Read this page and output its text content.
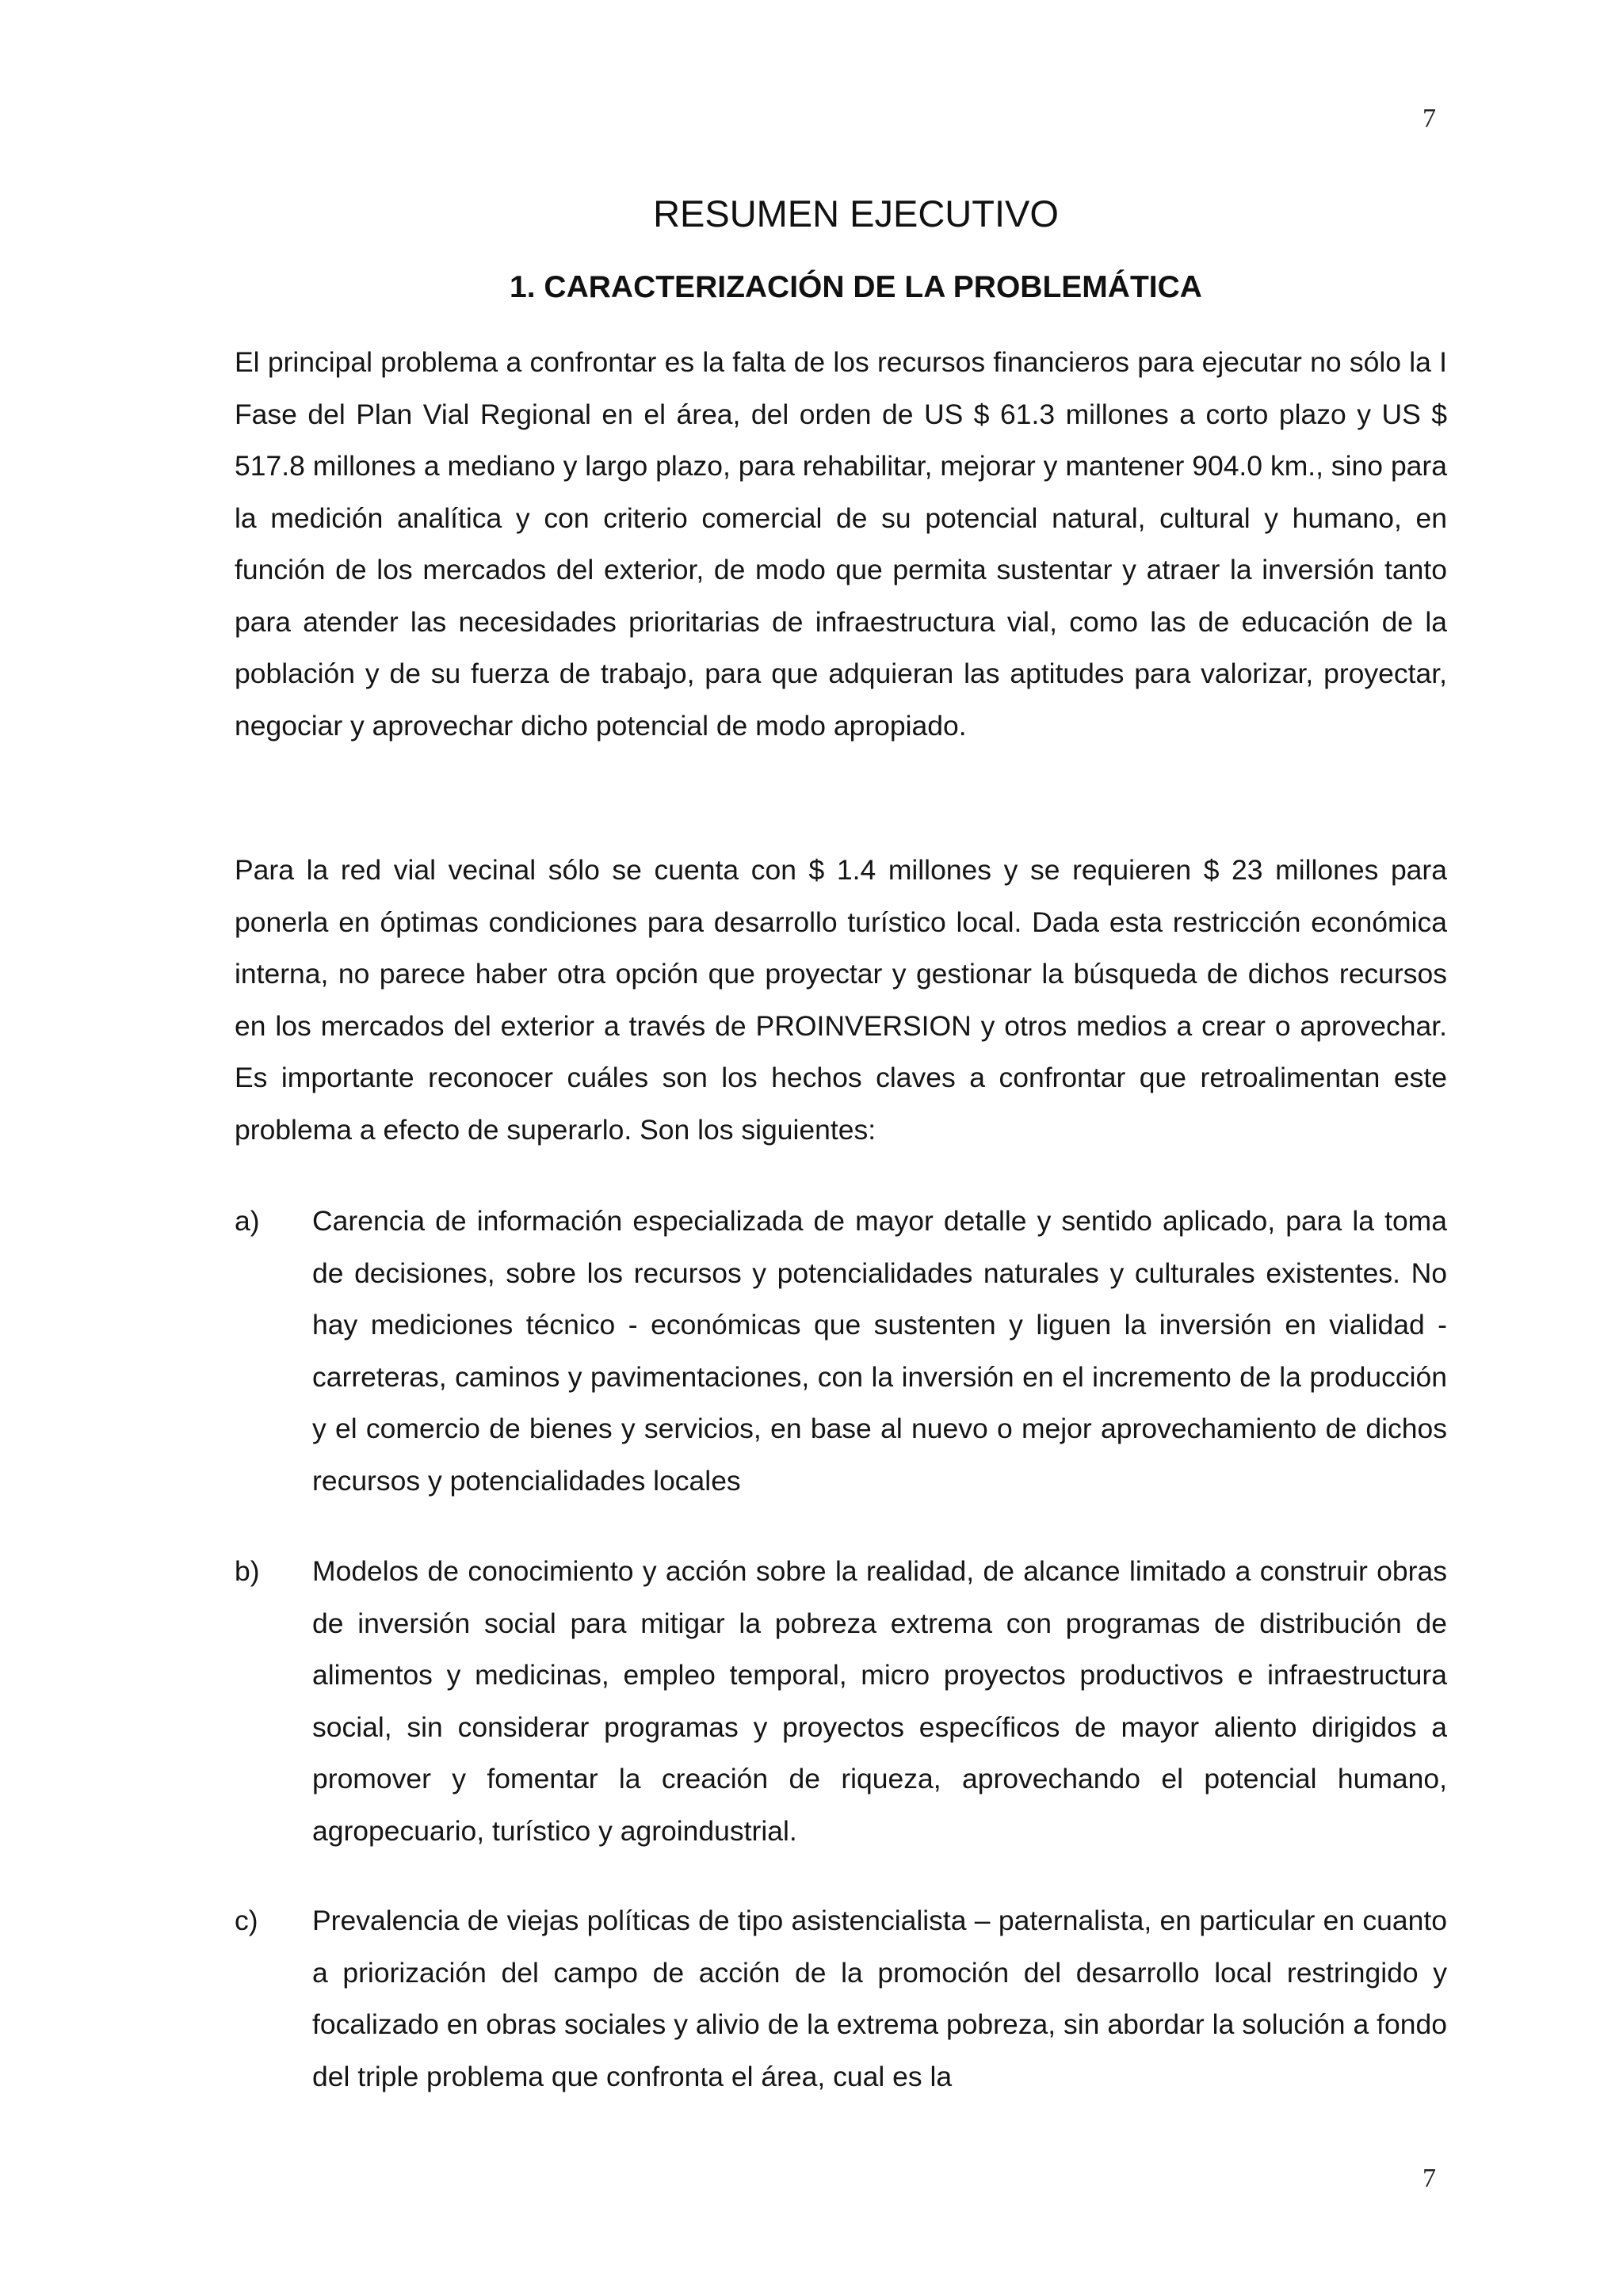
7
RESUMEN EJECUTIVO
1. CARACTERIZACIÓN DE LA PROBLEMÁTICA

El principal problema a confrontar es la falta de los recursos financieros para ejecutar no sólo la I Fase del Plan Vial Regional en el área, del orden de US $ 61.3 millones a corto plazo y US $ 517.8 millones a mediano y largo plazo, para rehabilitar, mejorar y mantener 904.0 km., sino para la medición analítica y con criterio comercial de su potencial natural, cultural y humano, en función de los mercados del exterior, de modo que permita sustentar y atraer la inversión tanto para atender las necesidades prioritarias de infraestructura vial, como las de educación de la población y de su fuerza de trabajo, para que adquieran las aptitudes para valorizar, proyectar, negociar y aprovechar dicho potencial de modo apropiado.

Para la red vial vecinal sólo se cuenta con $ 1.4 millones y se requieren $ 23 millones para ponerla en óptimas condiciones para desarrollo turístico local. Dada esta restricción económica interna, no parece haber otra opción que proyectar y gestionar la búsqueda de dichos recursos en los mercados del exterior a través de PROINVERSION y otros medios a crear o aprovechar. Es importante reconocer cuáles son los hechos claves a confrontar que retroalimentan este problema a efecto de superarlo. Son los siguientes:

a)	Carencia de información especializada de mayor detalle y sentido aplicado, para la toma de decisiones, sobre los recursos y potencialidades naturales y culturales existentes. No hay mediciones técnico - económicas que sustenten y liguen la inversión en vialidad - carreteras, caminos y pavimentaciones, con la inversión en el incremento de la producción y el comercio de bienes y servicios, en base al nuevo o mejor aprovechamiento de dichos recursos y potencialidades locales

b)	Modelos de conocimiento y acción sobre la realidad, de alcance limitado a construir obras de inversión social para mitigar la pobreza extrema con programas de distribución de alimentos y medicinas, empleo temporal, micro proyectos productivos e infraestructura social, sin considerar programas y proyectos específicos de mayor aliento dirigidos a promover y fomentar la creación de riqueza, aprovechando el potencial humano, agropecuario, turístico y agroindustrial.

c)	Prevalencia de viejas políticas de tipo asistencialista – paternalista, en particular en cuanto a priorización del campo de acción de la promoción del desarrollo local restringido y focalizado en obras sociales y alivio de la extrema pobreza, sin abordar la solución a fondo del triple problema que confronta el área, cual es la

7
